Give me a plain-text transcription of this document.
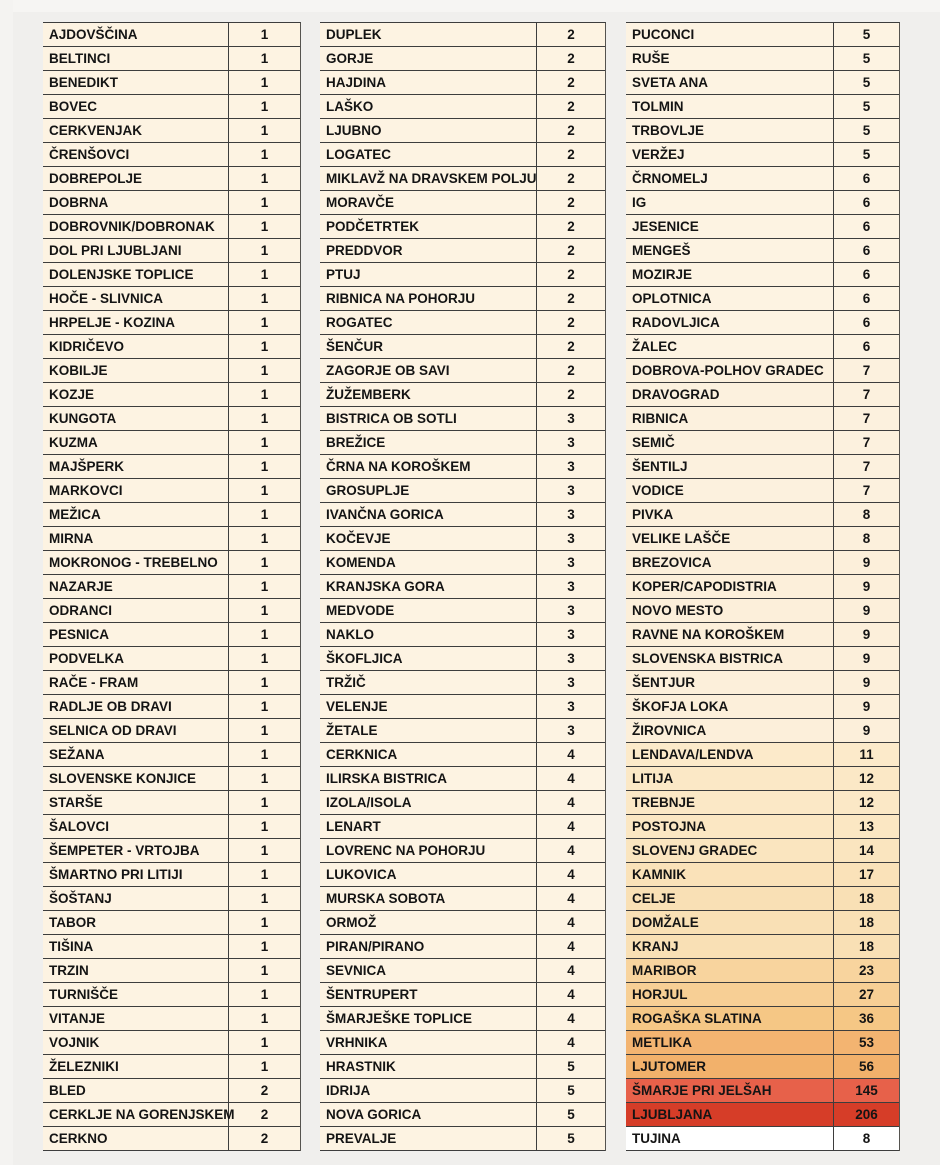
AJDOVŠČINA	1
BELTINCI	1
BENEDIKT	1
BOVEC	1
CERKVENJAK	1
ČRENŠOVCI	1
DOBREPOLJE	1
DOBRNA	1
DOBROVNIK/DOBRONAK	1
DOL PRI LJUBLJANI	1
DOLENJSKE TOPLICE	1
HOČE - SLIVNICA	1
HRPELJE - KOZINA	1
KIDRIČEVO	1
KOBILJE	1
KOZJE	1
KUNGOTA	1
KUZMA	1
MAJŠPERK	1
MARKOVCI	1
MEŽICA	1
MIRNA	1
MOKRONOG - TREBELNO	1
NAZARJE	1
ODRANCI	1
PESNICA	1
PODVELKA	1
RAČE - FRAM	1
RADLJE OB DRAVI	1
SELNICA OD DRAVI	1
SEŽANA	1
SLOVENSKE KONJICE	1
STARŠE	1
ŠALOVCI	1
ŠEMPETER - VRTOJBA	1
ŠMARTNO PRI LITIJI	1
ŠOŠTANJ	1
TABOR	1
TIŠINA	1
TRZIN	1
TURNIŠČE	1
VITANJE	1
VOJNIK	1
ŽELEZNIKI	1
BLED	2
CERKLJE NA GORENJSKEM	2
CERKNO	2
DUPLEK	2
GORJE	2
HAJDINA	2
LAŠKO	2
LJUBNO	2
LOGATEC	2
MIKLAVŽ NA DRAVSKEM POLJU	2
MORAVČE	2
PODČETRTEK	2
PREDDVOR	2
PTUJ	2
RIBNICA NA POHORJU	2
ROGATEC	2
ŠENČUR	2
ZAGORJE OB SAVI	2
ŽUŽEMBERK	2
BISTRICA OB SOTLI	3
BREŽICE	3
ČRNA NA KOROŠKEM	3
GROSUPLJE	3
IVANČNA GORICA	3
KOČEVJE	3
KOMENDA	3
KRANJSKA GORA	3
MEDVODE	3
NAKLO	3
ŠKOFLJICA	3
TRŽIČ	3
VELENJE	3
ŽETALE	3
CERKNICA	4
ILIRSKA BISTRICA	4
IZOLA/ISOLA	4
LENART	4
LOVRENC NA POHORJU	4
LUKOVICA	4
MURSKA SOBOTA	4
ORMOŽ	4
PIRAN/PIRANO	4
SEVNICA	4
ŠENTRUPERT	4
ŠMARJEŠKE TOPLICE	4
VRHNIKA	4
HRASTNIK	5
IDRIJA	5
NOVA GORICA	5
PREVALJE	5
PUCONCI	5
RUŠE	5
SVETA ANA	5
TOLMIN	5
TRBOVLJE	5
VERŽEJ	5
ČRNOMELJ	6
IG	6
JESENICE	6
MENGEŠ	6
MOZIRJE	6
OPLOTNICA	6
RADOVLJICA	6
ŽALEC	6
DOBROVA-POLHOV GRADEC	7
DRAVOGRAD	7
RIBNICA	7
SEMIČ	7
ŠENTILJ	7
VODICE	7
PIVKA	8
VELIKE LAŠČE	8
BREZOVICA	9
KOPER/CAPODISTRIA	9
NOVO MESTO	9
RAVNE NA KOROŠKEM	9
SLOVENSKA BISTRICA	9
ŠENTJUR	9
ŠKOFJA LOKA	9
ŽIROVNICA	9
LENDAVA/LENDVA	11
LITIJA	12
TREBNJE	12
POSTOJNA	13
SLOVENJ GRADEC	14
KAMNIK	17
CELJE	18
DOMŽALE	18
KRANJ	18
MARIBOR	23
HORJUL	27
ROGAŠKA SLATINA	36
METLIKA	53
LJUTOMER	56
ŠMARJE PRI JELŠAH	145
LJUBLJANA	206
TUJINA	8
